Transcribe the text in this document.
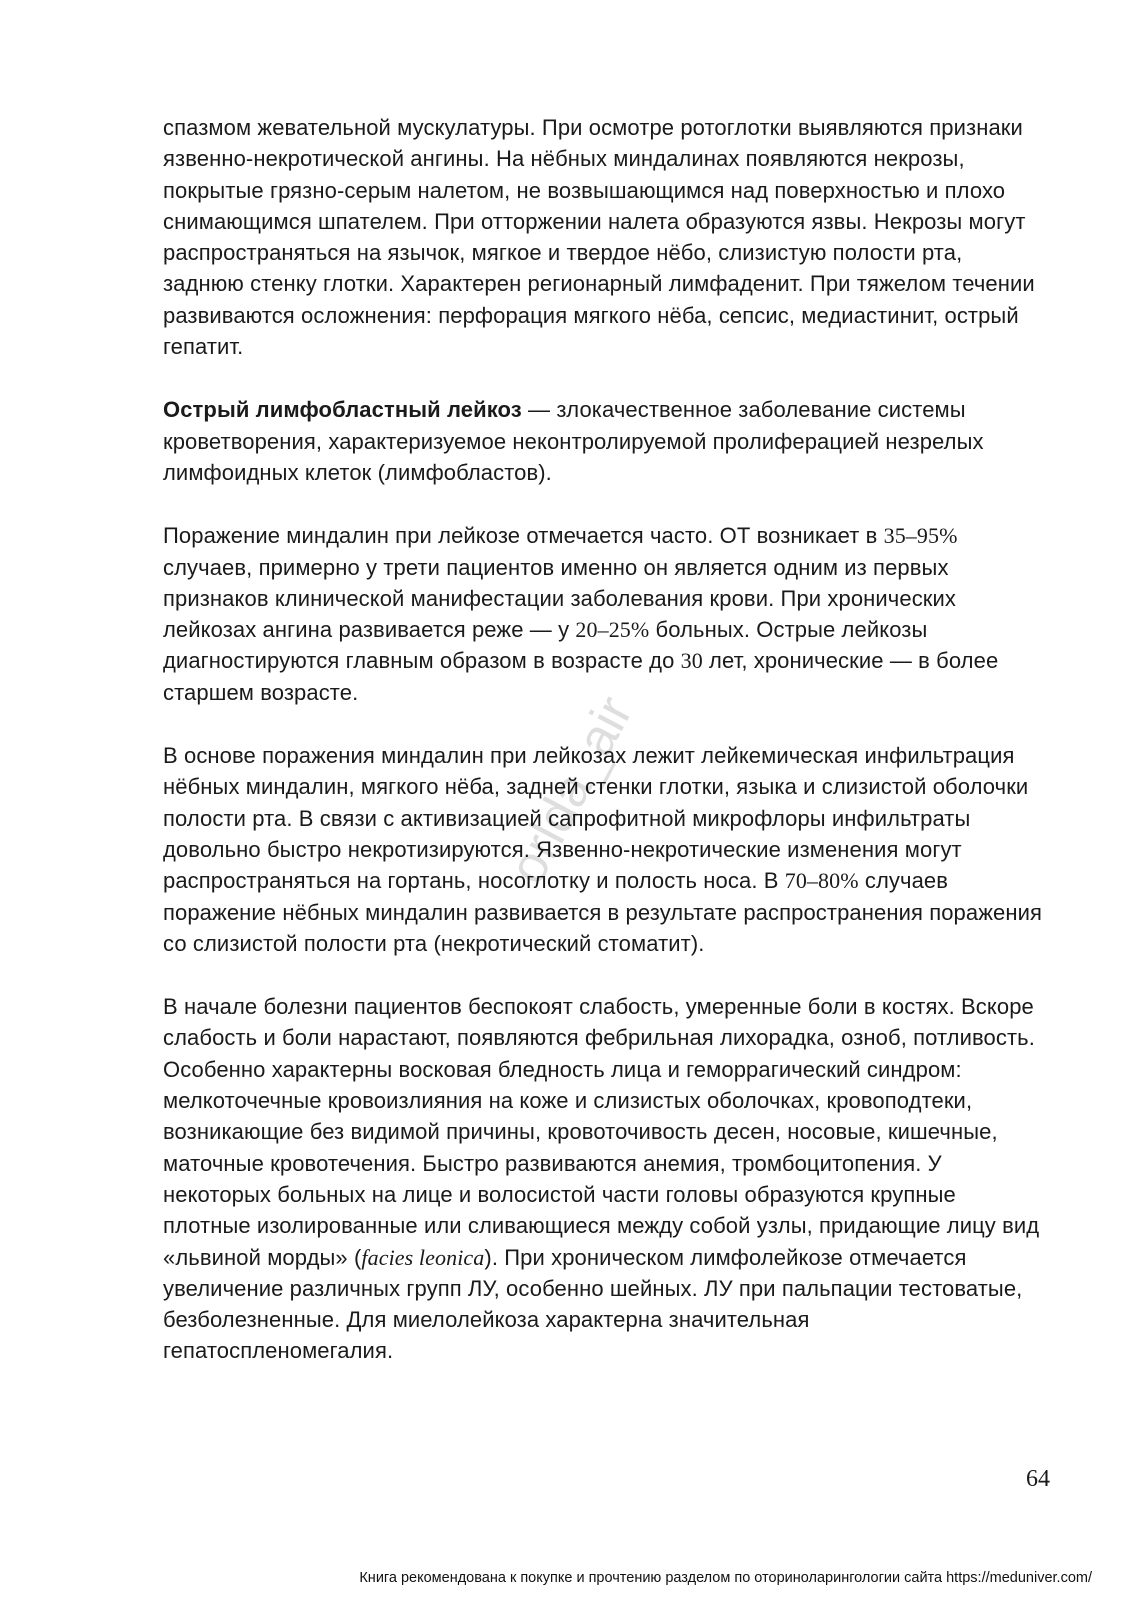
спазмом жевательной мускулатуры. При осмотре ротоглотки выявляются признаки язвенно-некротической ангины. На нёбных миндалинах появляются некрозы, покрытые грязно-серым налетом, не возвышающимся над поверхностью и плохо снимающимся шпателем. При отторжении налета образуются язвы. Некрозы могут распространяться на язычок, мягкое и твердое нёбо, слизистую полости рта, заднюю стенку глотки. Характерен регионарный лимфаденит. При тяжелом течении развиваются осложнения: перфорация мягкого нёба, сепсис, медиастинит, острый гепатит.

Острый лимфобластный лейкоз — злокачественное заболевание системы кроветворения, характеризуемое неконтролируемой пролиферацией незрелых лимфоидных клеток (лимфобластов).

Поражение миндалин при лейкозе отмечается часто. ОТ возникает в 35–95% случаев, примерно у трети пациентов именно он является одним из первых признаков клинической манифестации заболевания крови. При хронических лейкозах ангина развивается реже — у 20–25% больных. Острые лейкозы диагностируются главным образом в возрасте до 30 лет, хронические — в более старшем возрасте.

В основе поражения миндалин при лейкозах лежит лейкемическая инфильтрация нёбных миндалин, мягкого нёба, задней стенки глотки, языка и слизистой оболочки полости рта. В связи с активизацией сапрофитной микрофлоры инфильтраты довольно быстро некротизируются. Язвенно-некротические изменения могут распространяться на гортань, носоглотку и полость носа. В 70–80% случаев поражение нёбных миндалин развивается в результате распространения поражения со слизистой полости рта (некротический стоматит).

В начале болезни пациентов беспокоят слабость, умеренные боли в костях. Вскоре слабость и боли нарастают, появляются фебрильная лихорадка, озноб, потливость. Особенно характерны восковая бледность лица и геморрагический синдром: мелкоточечные кровоизлияния на коже и слизистых оболочках, кровоподтеки, возникающие без видимой причины, кровоточивость десен, носовые, кишечные, маточные кровотечения. Быстро развиваются анемия, тромбоцитопения. У некоторых больных на лице и волосистой части головы образуются крупные плотные изолированные или сливающиеся между собой узлы, придающие лицу вид «львиной морды» (facies leonica). При хроническом лимфолейкозе отмечается увеличение различных групп ЛУ, особенно шейных. ЛУ при пальпации тестоватые, безболезненные. Для миелолейкоза характерна значительная гепатоспленомегалия.

orlda_air
64
Книга рекомендована к покупке и прочтению разделом по оториноларингологии сайта https://meduniver.com/
